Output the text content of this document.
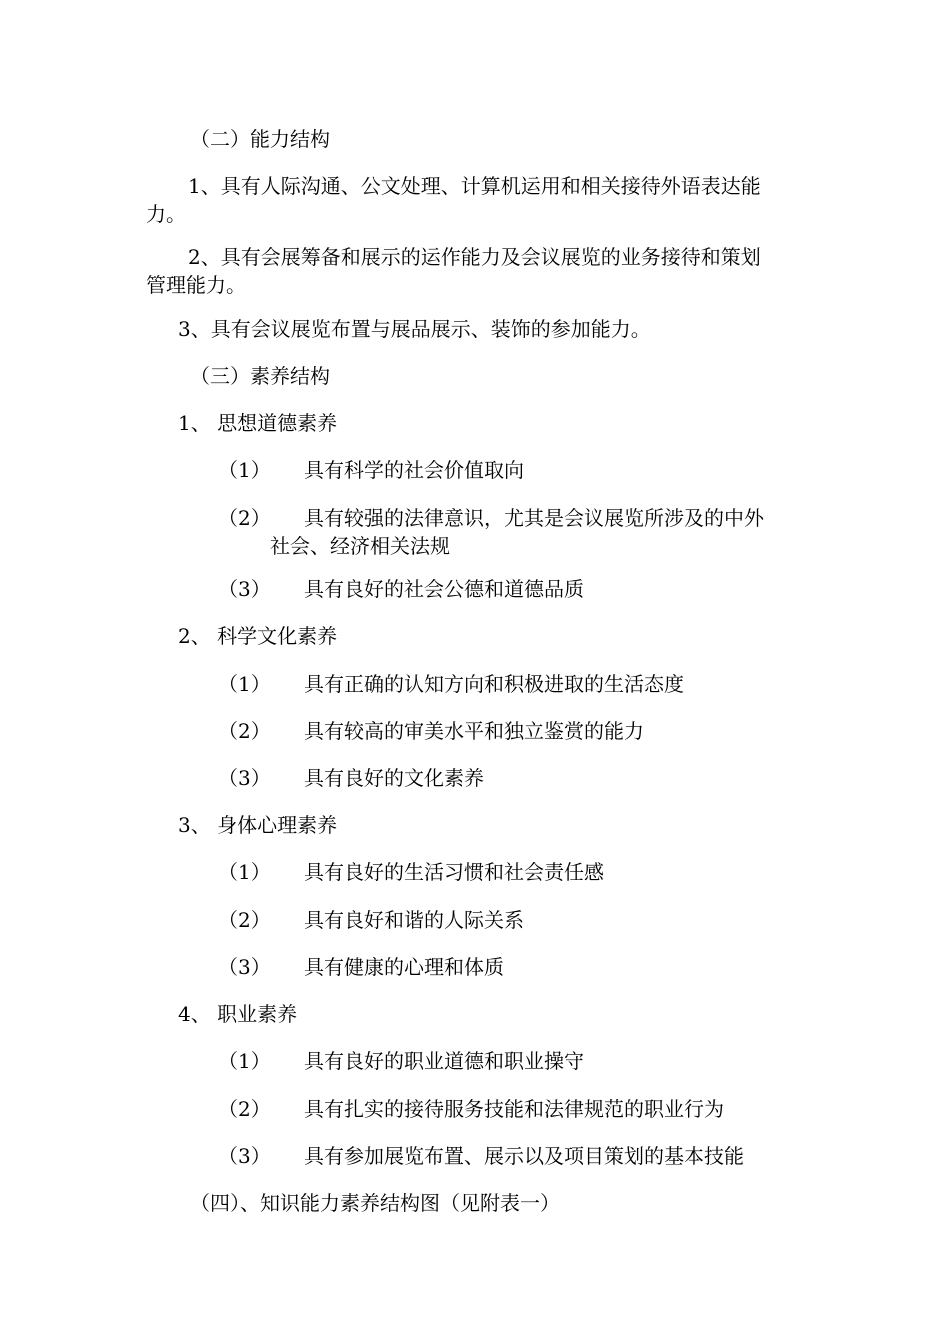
（二）能力结构
1、具有人际沟通、公文处理、计算机运用和相关接待外语表达能
力。
2、具有会展筹备和展示的运作能力及会议展览的业务接待和策划
管理能力。
3、具有会议展览布置与展品展示、装饰的参加能力。
（三）素养结构
1、 思想道德素养
（1） 具有科学的社会价值取向
（2） 具有较强的法律意识，尤其是会议展览所涉及的中外
社会、经济相关法规
（3） 具有良好的社会公德和道德品质
2、 科学文化素养
（1） 具有正确的认知方向和积极进取的生活态度
（2） 具有较高的审美水平和独立鉴赏的能力
（3） 具有良好的文化素养
3、 身体心理素养
（1） 具有良好的生活习惯和社会责任感
（2） 具有良好和谐的人际关系
（3） 具有健康的心理和体质
4、 职业素养
（1） 具有良好的职业道德和职业操守
（2） 具有扎实的接待服务技能和法律规范的职业行为
（3） 具有参加展览布置、展示以及项目策划的基本技能
（四）、知识能力素养结构图（见附表一）
